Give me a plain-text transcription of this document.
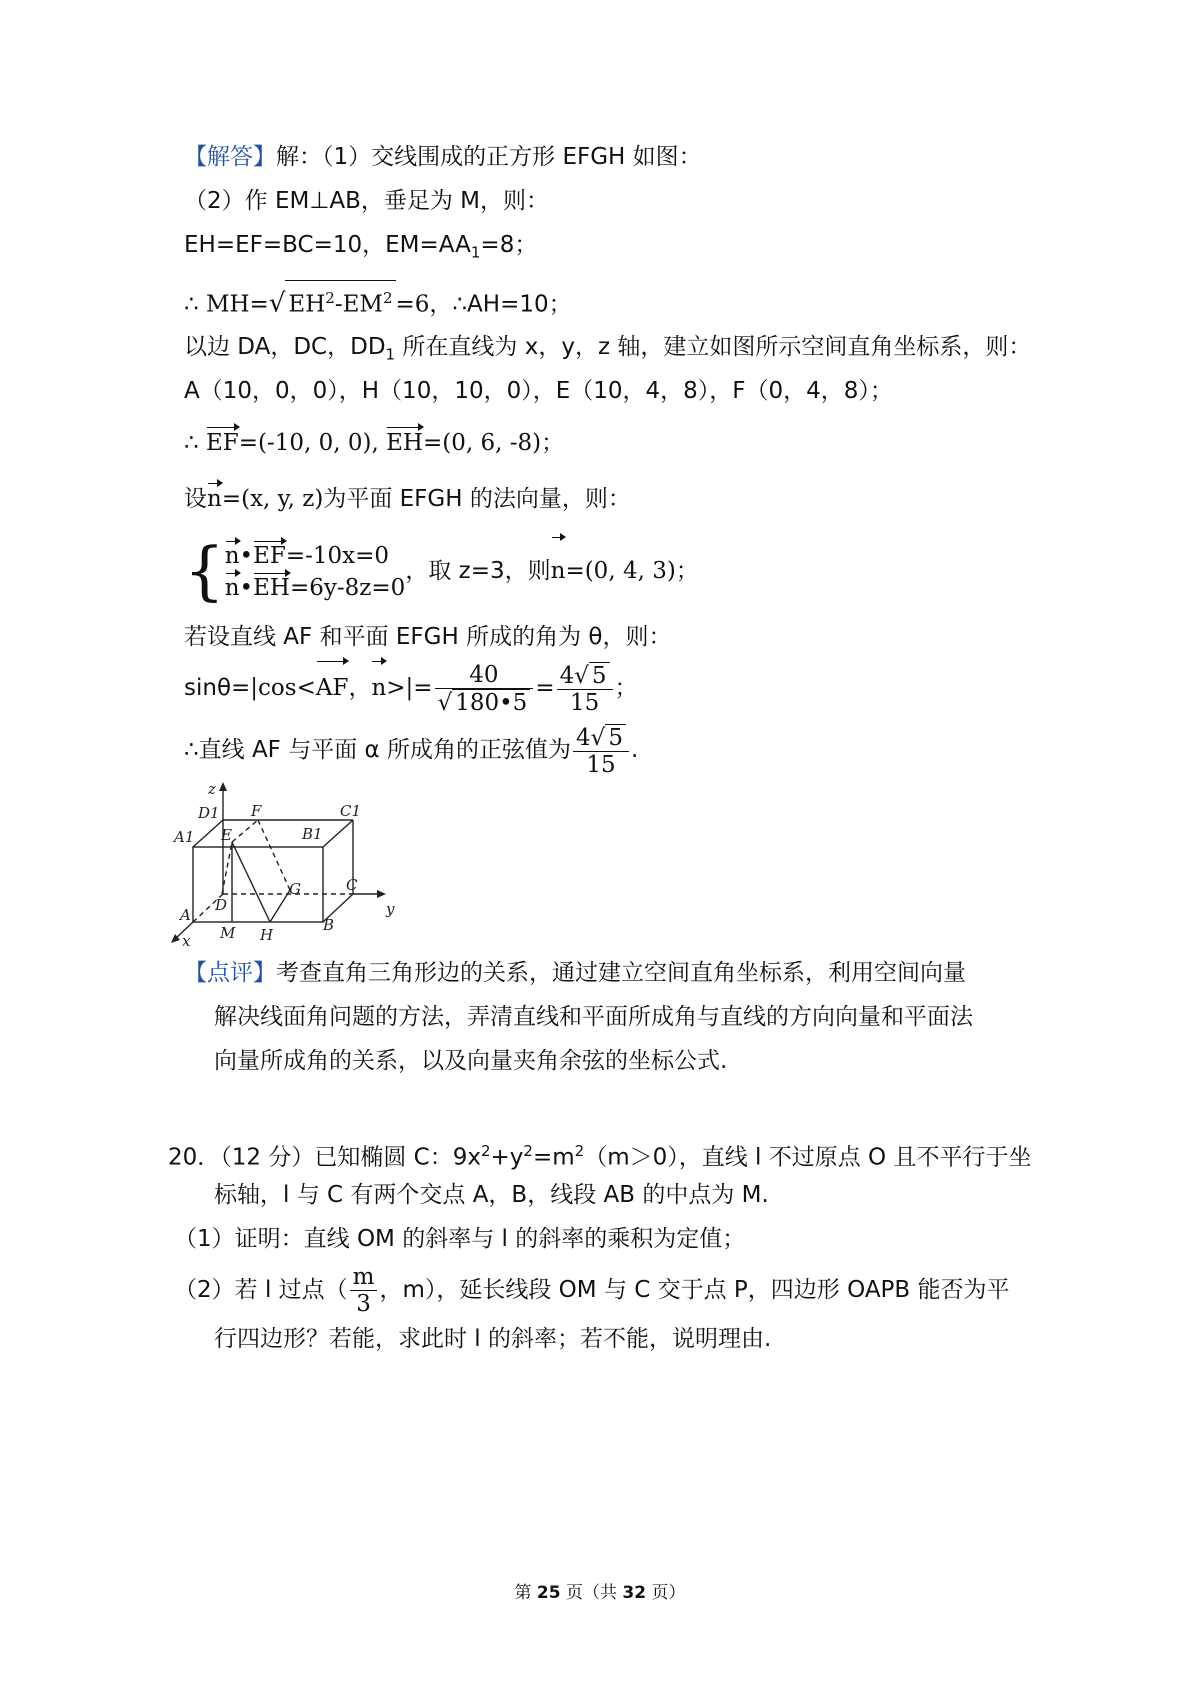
【解答】解：（1）交线围成的正方形 EFGH 如图：
（2）作 EM⊥AB，垂足为 M，则：
EH=EF=BC=10，$EM=AA_1=8$；
∴ MH=√ $EH^2-EM^2 =6$，∴AH=10；
以边 DA，DC，$DD_1$ 所在直线为 x，y，z 轴，建立如图所示空间直角坐标系，则：
A（10，0，0），H（10，10，0），E（10，4，8），F（0，4，8）；
∴ EF=(-10, 0, 0), EH=(0, 6, -8)；
设n=(x, y, z)为平面 EFGH 的法向量，则：
{ n•EF=-10x=0
n•EH=6y-8z=0
，取 z=3，则n=(0, 4, 3)；
若设直线 AF 和平面 EFGH 所成的角为 θ，则：
sinθ=|cos<AF，$n>|= \frac{40}{√ 180•5} = \frac{4√ 5}{15}$ ；
∴直线 AF 与平面 α 所成角的正弦值为 $\frac{4√ 5}{15}$ .
z
y
x
D1	C1
A1	B1
E
F
G	C
A
D
B
M H
【点评】考查直角三角形边的关系，通过建立空间直角坐标系，利用空间向量
解决线面角问题的方法，弄清直线和平面所成角与直线的方向向量和平面法
向量所成角的关系，以及向量夹角余弦的坐标公式.
20．（12 分）已知椭圆 C：$9x^2+y^2=m^2(m>0)$，直线 l 不过原点 O 且不平行于坐
标轴，l 与 C 有两个交点 A，B，线段 AB 的中点为 M.
（1）证明：直线 OM 的斜率与 l 的斜率的乘积为定值；
（2）若 l 过点（ $\frac{m}{3}$ ，m），延长线段 OM 与 C 交于点 P，四边形 OAPB 能否为平
行四边形？若能，求此时 l 的斜率；若不能，说明理由.
第 25 页（共 32 页）
